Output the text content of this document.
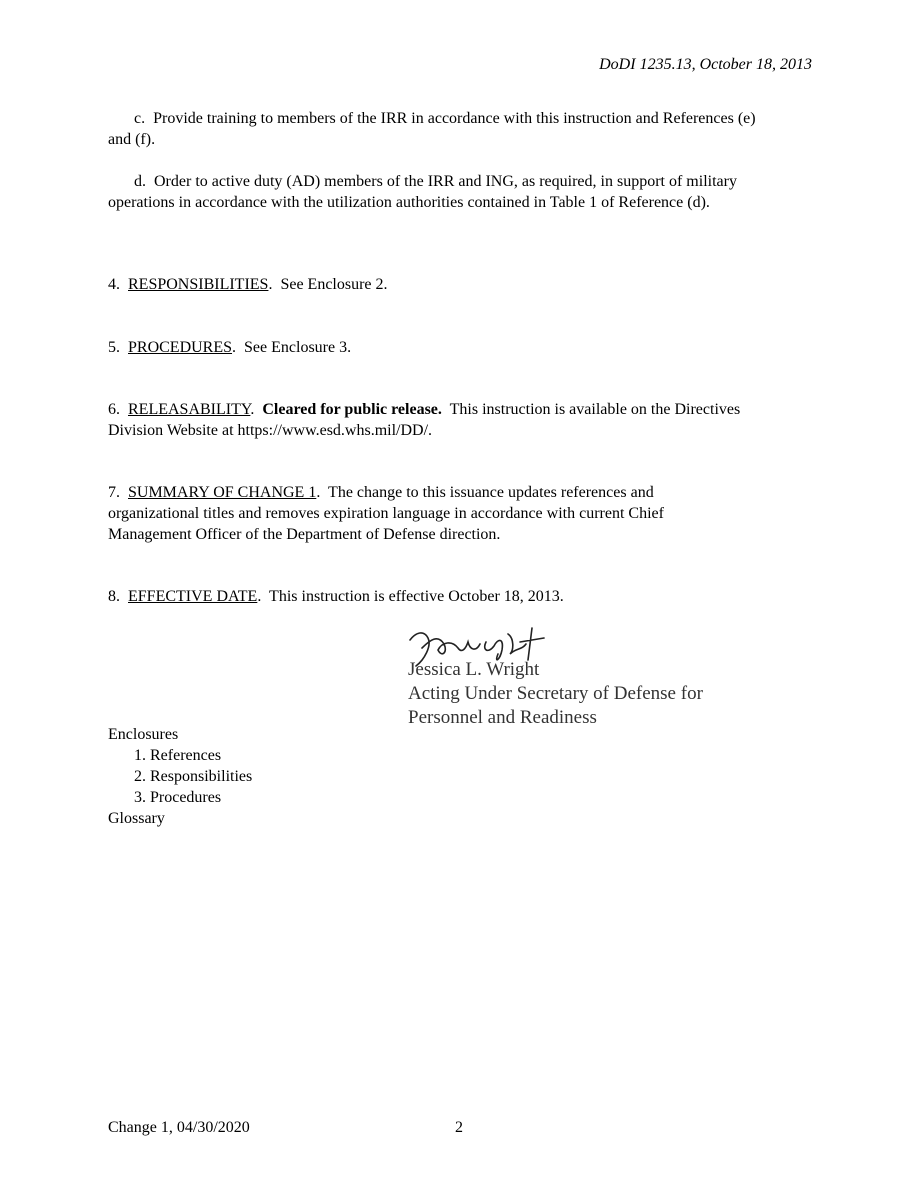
DoDI 1235.13, October 18, 2013
c. Provide training to members of the IRR in accordance with this instruction and References (e) and (f).
d. Order to active duty (AD) members of the IRR and ING, as required, in support of military operations in accordance with the utilization authorities contained in Table 1 of Reference (d).
4. RESPONSIBILITIES.  See Enclosure 2.
5. PROCEDURES.  See Enclosure 3.
6. RELEASABILITY.  Cleared for public release. This instruction is available on the Directives Division Website at https://www.esd.whs.mil/DD/.
7. SUMMARY OF CHANGE 1.  The change to this issuance updates references and organizational titles and removes expiration language in accordance with current Chief Management Officer of the Department of Defense direction.
8. EFFECTIVE DATE.  This instruction is effective October 18, 2013.
Jessica L. Wright
Acting Under Secretary of Defense for
Personnel and Readiness
Enclosures
1. References
2. Responsibilities
3. Procedures
Glossary
Change 1, 04/30/2020	2
